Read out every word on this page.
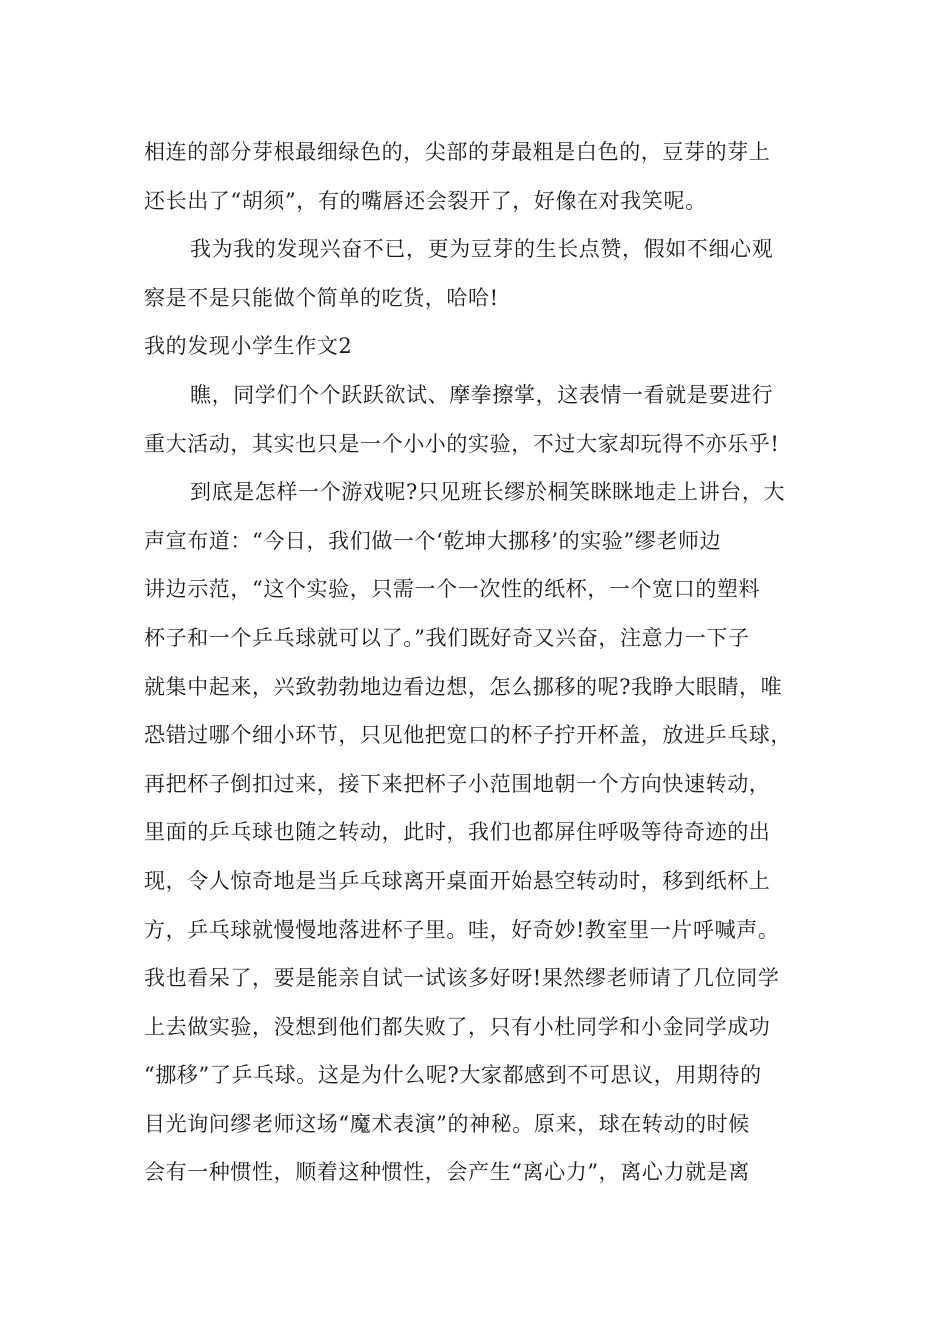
相连的部分芽根最细绿色的，尖部的芽最粗是白色的，豆芽的芽上
还长出了“胡须”，有的嘴唇还会裂开了，好像在对我笑呢。
我为我的发现兴奋不已，更为豆芽的生长点赞，假如不细心观
察是不是只能做个简单的吃货，哈哈!
我的发现小学生作文2
瞧，同学们个个跃跃欲试、摩拳擦掌，这表情一看就是要进行
重大活动，其实也只是一个小小的实验，不过大家却玩得不亦乐乎!
到底是怎样一个游戏呢?只见班长缪於桐笑眯眯地走上讲台，大
声宣布道：“今日，我们做一个‘乾坤大挪移’的实验”缪老师边
讲边示范，“这个实验，只需一个一次性的纸杯，一个宽口的塑料
杯子和一个乒乓球就可以了。”我们既好奇又兴奋，注意力一下子
就集中起来，兴致勃勃地边看边想，怎么挪移的呢?我睁大眼睛，唯
恐错过哪个细小环节，只见他把宽口的杯子拧开杯盖，放进乒乓球，
再把杯子倒扣过来，接下来把杯子小范围地朝一个方向快速转动，
里面的乒乓球也随之转动，此时，我们也都屏住呼吸等待奇迹的出
现，令人惊奇地是当乒乓球离开桌面开始悬空转动时，移到纸杯上
方，乒乓球就慢慢地落进杯子里。哇，好奇妙!教室里一片呼喊声。
我也看呆了，要是能亲自试一试该多好呀!果然缪老师请了几位同学
上去做实验，没想到他们都失败了，只有小杜同学和小金同学成功
“挪移”了乒乓球。这是为什么呢?大家都感到不可思议，用期待的
目光询问缪老师这场“魔术表演”的神秘。原来，球在转动的时候
会有一种惯性，顺着这种惯性，会产生“离心力”，离心力就是离
